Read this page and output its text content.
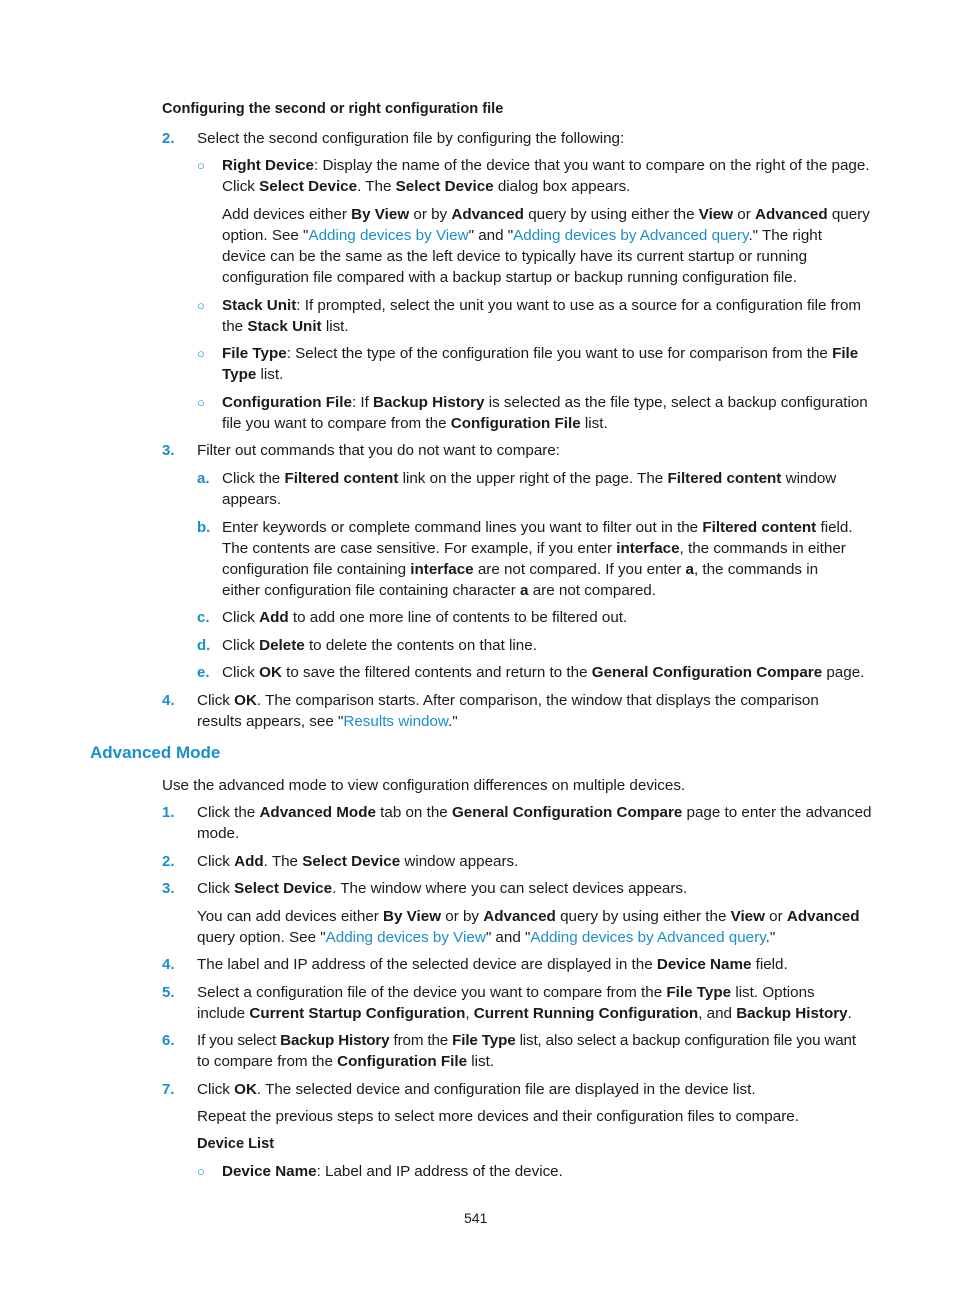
Configuring the second or right configuration file
2. Select the second configuration file by configuring the following:
○ Right Device: Display the name of the device that you want to compare on the right of the page.
Click Select Device. The Select Device dialog box appears.
Add devices either By View or by Advanced query by using either the View or Advanced query
option. See "Adding devices by View" and "Adding devices by Advanced query." The right
device can be the same as the left device to typically have its current startup or running
configuration file compared with a backup startup or backup running configuration file.
○ Stack Unit: If prompted, select the unit you want to use as a source for a configuration file from
the Stack Unit list.
○ File Type: Select the type of the configuration file you want to use for comparison from the File
Type list.
○ Configuration File: If Backup History is selected as the file type, select a backup configuration
file you want to compare from the Configuration File list.
3. Filter out commands that you do not want to compare:
a. Click the Filtered content link on the upper right of the page. The Filtered content window
appears.
b. Enter keywords or complete command lines you want to filter out in the Filtered content field.
The contents are case sensitive. For example, if you enter interface, the commands in either
configuration file containing interface are not compared. If you enter a, the commands in
either configuration file containing character a are not compared.
c. Click Add to add one more line of contents to be filtered out.
d. Click Delete to delete the contents on that line.
e. Click OK to save the filtered contents and return to the General Configuration Compare page.
4. Click OK. The comparison starts. After comparison, the window that displays the comparison
results appears, see "Results window."
Advanced Mode
Use the advanced mode to view configuration differences on multiple devices.
1. Click the Advanced Mode tab on the General Configuration Compare page to enter the advanced
mode.
2. Click Add. The Select Device window appears.
3. Click Select Device. The window where you can select devices appears.
You can add devices either By View or by Advanced query by using either the View or Advanced
query option. See "Adding devices by View" and "Adding devices by Advanced query."
4. The label and IP address of the selected device are displayed in the Device Name field.
5. Select a configuration file of the device you want to compare from the File Type list. Options
include Current Startup Configuration, Current Running Configuration, and Backup History.
6. If you select Backup History from the File Type list, also select a backup configuration file you want
to compare from the Configuration File list.
7. Click OK. The selected device and configuration file are displayed in the device list.
Repeat the previous steps to select more devices and their configuration files to compare.
Device List
○ Device Name: Label and IP address of the device.
541
